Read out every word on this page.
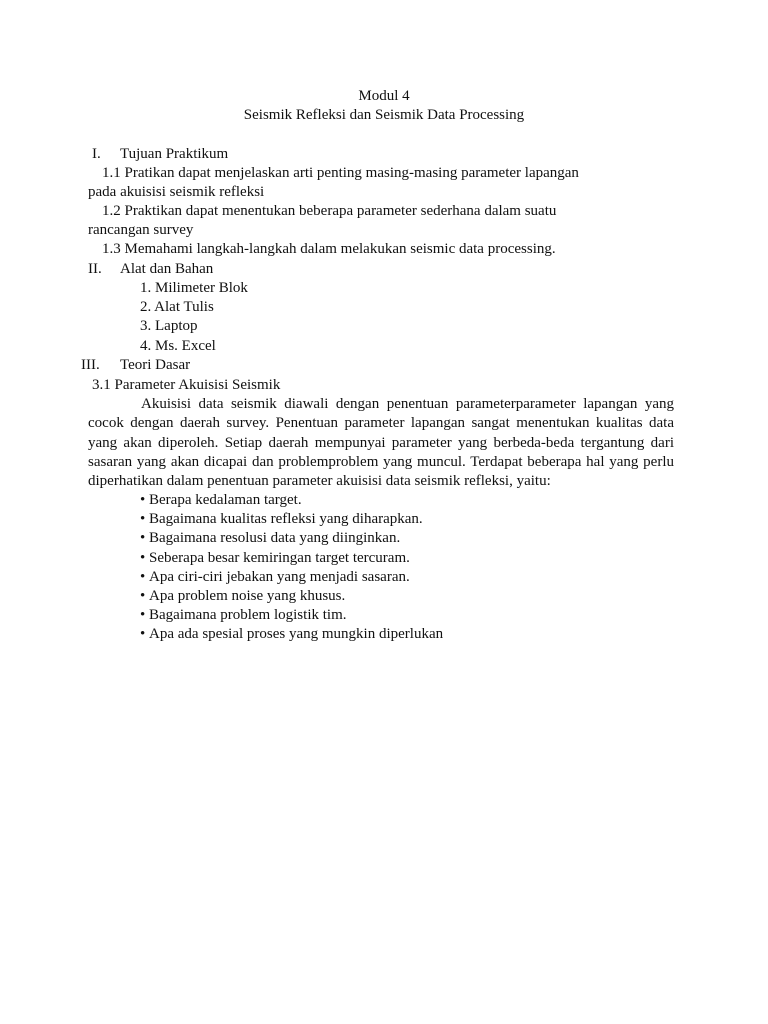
Modul 4

Seismik Refleksi dan Seismik Data Processing

I. Tujuan Praktikum

1.1 Pratikan dapat menjelaskan arti penting masing-masing parameter lapangan

pada akuisisi seismik refleksi

1.2 Praktikan dapat menentukan beberapa parameter sederhana dalam suatu

rancangan survey

1.3 Memahami langkah-langkah dalam melakukan seismic data processing.

II. Alat dan Bahan

1. Milimeter Blok
2. Alat Tulis
3. Laptop
4. Ms. Excel

III. Teori Dasar

3.1 Parameter Akuisisi Seismik

Akuisisi data seismik diawali dengan penentuan parameterparameter lapangan yang cocok dengan daerah survey. Penentuan parameter lapangan sangat menentukan kualitas data yang akan diperoleh. Setiap daerah mempunyai parameter yang berbeda-beda tergantung dari sasaran yang akan dicapai dan problemproblem yang muncul. Terdapat beberapa hal yang perlu diperhatikan dalam penentuan parameter akuisisi data seismik refleksi, yaitu:

• Berapa kedalaman target.
• Bagaimana kualitas refleksi yang diharapkan.
• Bagaimana resolusi data yang diinginkan.
• Seberapa besar kemiringan target tercuram.
• Apa ciri-ciri jebakan yang menjadi sasaran.
• Apa problem noise yang khusus.
• Bagaimana problem logistik tim.
• Apa ada spesial proses yang mungkin diperlukan
